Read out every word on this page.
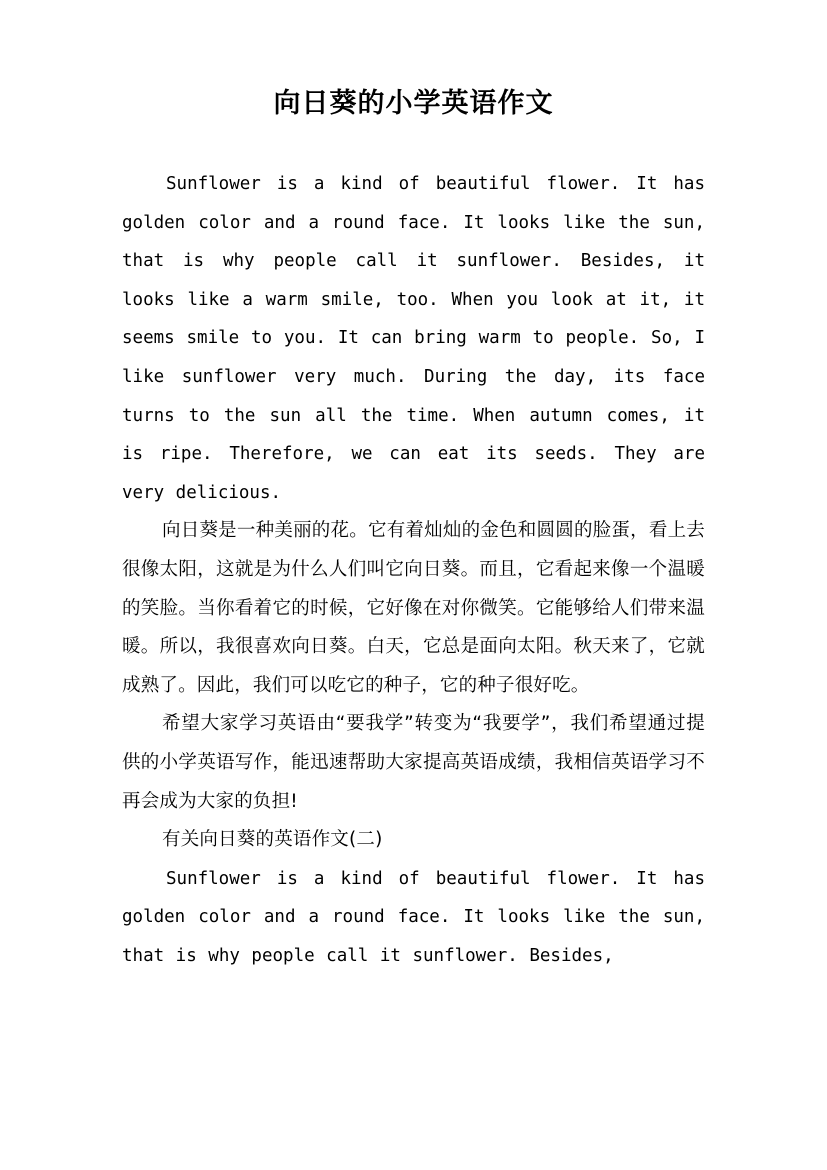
向日葵的小学英语作文

Sunflower is a kind of beautiful flower. It has golden color and a round face. It looks like the sun, that is why people call it sunflower. Besides, it looks like a warm smile, too. When you look at it, it seems smile to you. It can bring warm to people. So, I like sunflower very much. During the day, its face turns to the sun all the time. When autumn comes, it is ripe. Therefore, we can eat its seeds. They are very delicious.

向日葵是一种美丽的花。它有着灿灿的金色和圆圆的脸蛋，看上去很像太阳，这就是为什么人们叫它向日葵。而且，它看起来像一个温暖的笑脸。当你看着它的时候，它好像在对你微笑。它能够给人们带来温暖。所以，我很喜欢向日葵。白天，它总是面向太阳。秋天来了，它就成熟了。因此，我们可以吃它的种子，它的种子很好吃。

希望大家学习英语由“要我学”转变为“我要学”，我们希望通过提供的小学英语写作，能迅速帮助大家提高英语成绩，我相信英语学习不再会成为大家的负担!

有关向日葵的英语作文(二)

Sunflower is a kind of beautiful flower. It has golden color and a round face. It looks like the sun, that is why people call it sunflower. Besides,
